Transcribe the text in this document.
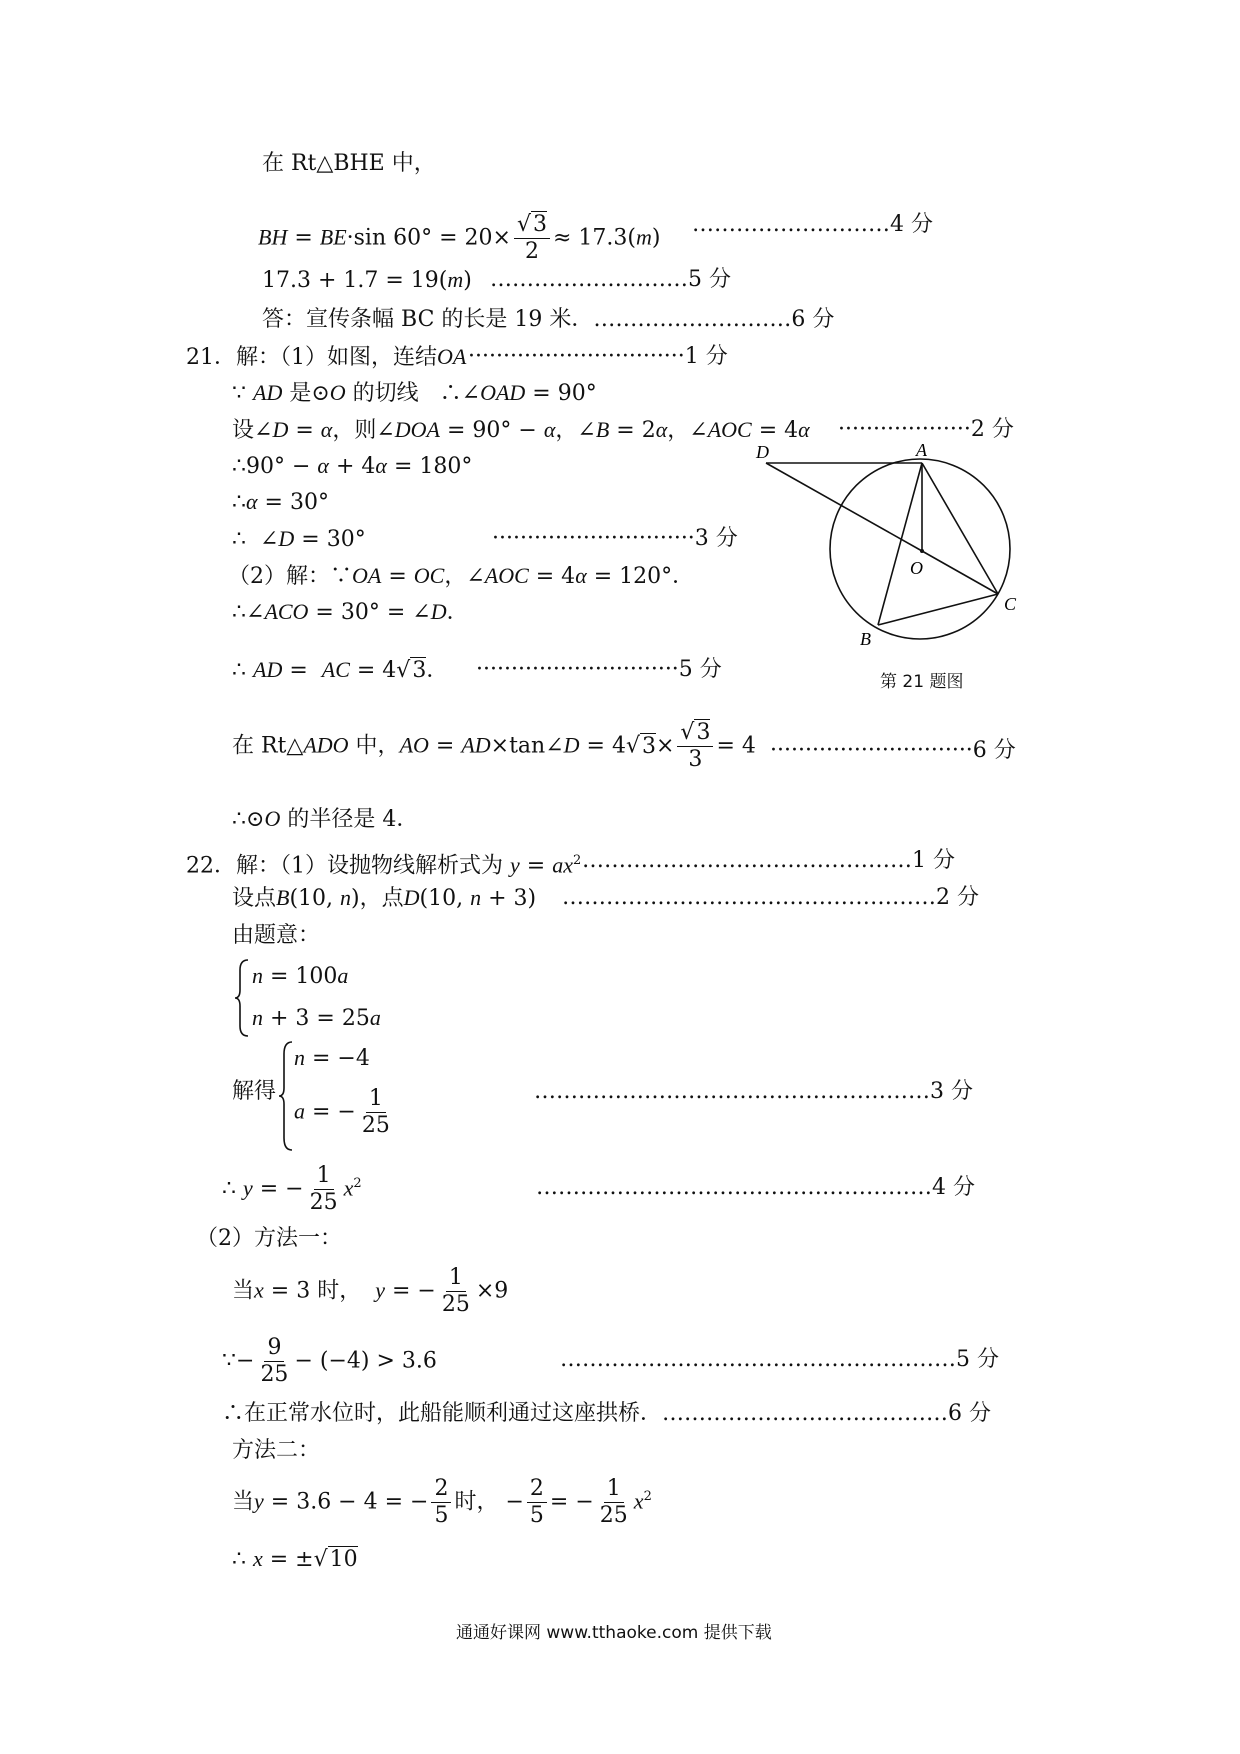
在 Rt△BHE 中，
BH = BE·sin $60^\circ = 20\times \frac{√3}{2} \approx 17.3(m)$
………………………4 分
17.3 + 1.7 = 19(m) ………………………5 分
答：宣传条幅 BC 的长是 19 米．………………………6 分
21．解：（1）如图，连结OA ·······························1 分
∵ AD 是⊙O 的切线   ∴∠OAD = 90°
设∠D = α，则∠DOA = 90° − α，∠B = 2α，∠AOC = 4α ···················2 分
∴90° − α + 4α = 180°
∴α = 30°
∴  ∠D = 30°	·····························3 分
（2）解：∵OA = OC，∠AOC = 4α = 120°．
∴∠ACO = 30° = ∠D．
∴ AD =  AC = 4√3． ·····························5 分
在 Rt△ADO 中，AO = AD×tan∠D = $4√3\times \frac{√3}{3} = 4 \cdot\cdot\cdot\cdot\cdot\cdot\cdot\cdot\cdot\cdot\cdot\cdot\cdot\cdot\cdot\cdot\cdot\cdot\cdot\cdot\cdot\cdot\cdot\cdot\cdot\cdot\cdot\cdot\cdot 6$ 分
∴⊙O 的半径是 4．
D	A
O
C
B
第 21 题图
22．解：（1）设抛物线解析式为 $y = ax^2$ ………………………………………1 分
设点B(10, n)，点D(10, n + 3) ……………………………………………2 分
由题意：
n = 100a
n + 3 = 25a
解得
n = −4
a = − $\frac{1}{25}$	………………………………………………3 分
∴ y = − $\frac{1}{25} x^2$	………………………………………………4 分
（2）方法一：
当x = 3 时， y = − $\frac{1}{25} \times 9$
∵− $\frac{9}{25} - (-4) > 3.6$	………………………………………………5 分
∴在正常水位时，此船能顺利通过这座拱桥．…………………………………6 分
方法二：
当y = 3.6 − 4 = − $\frac{2}{5}$ 时， − $\frac{2}{5}$ = − $\frac{1}{25} x^2$
∴ x = ±√10
通通好课网 www.tthaoke.com 提供下载
